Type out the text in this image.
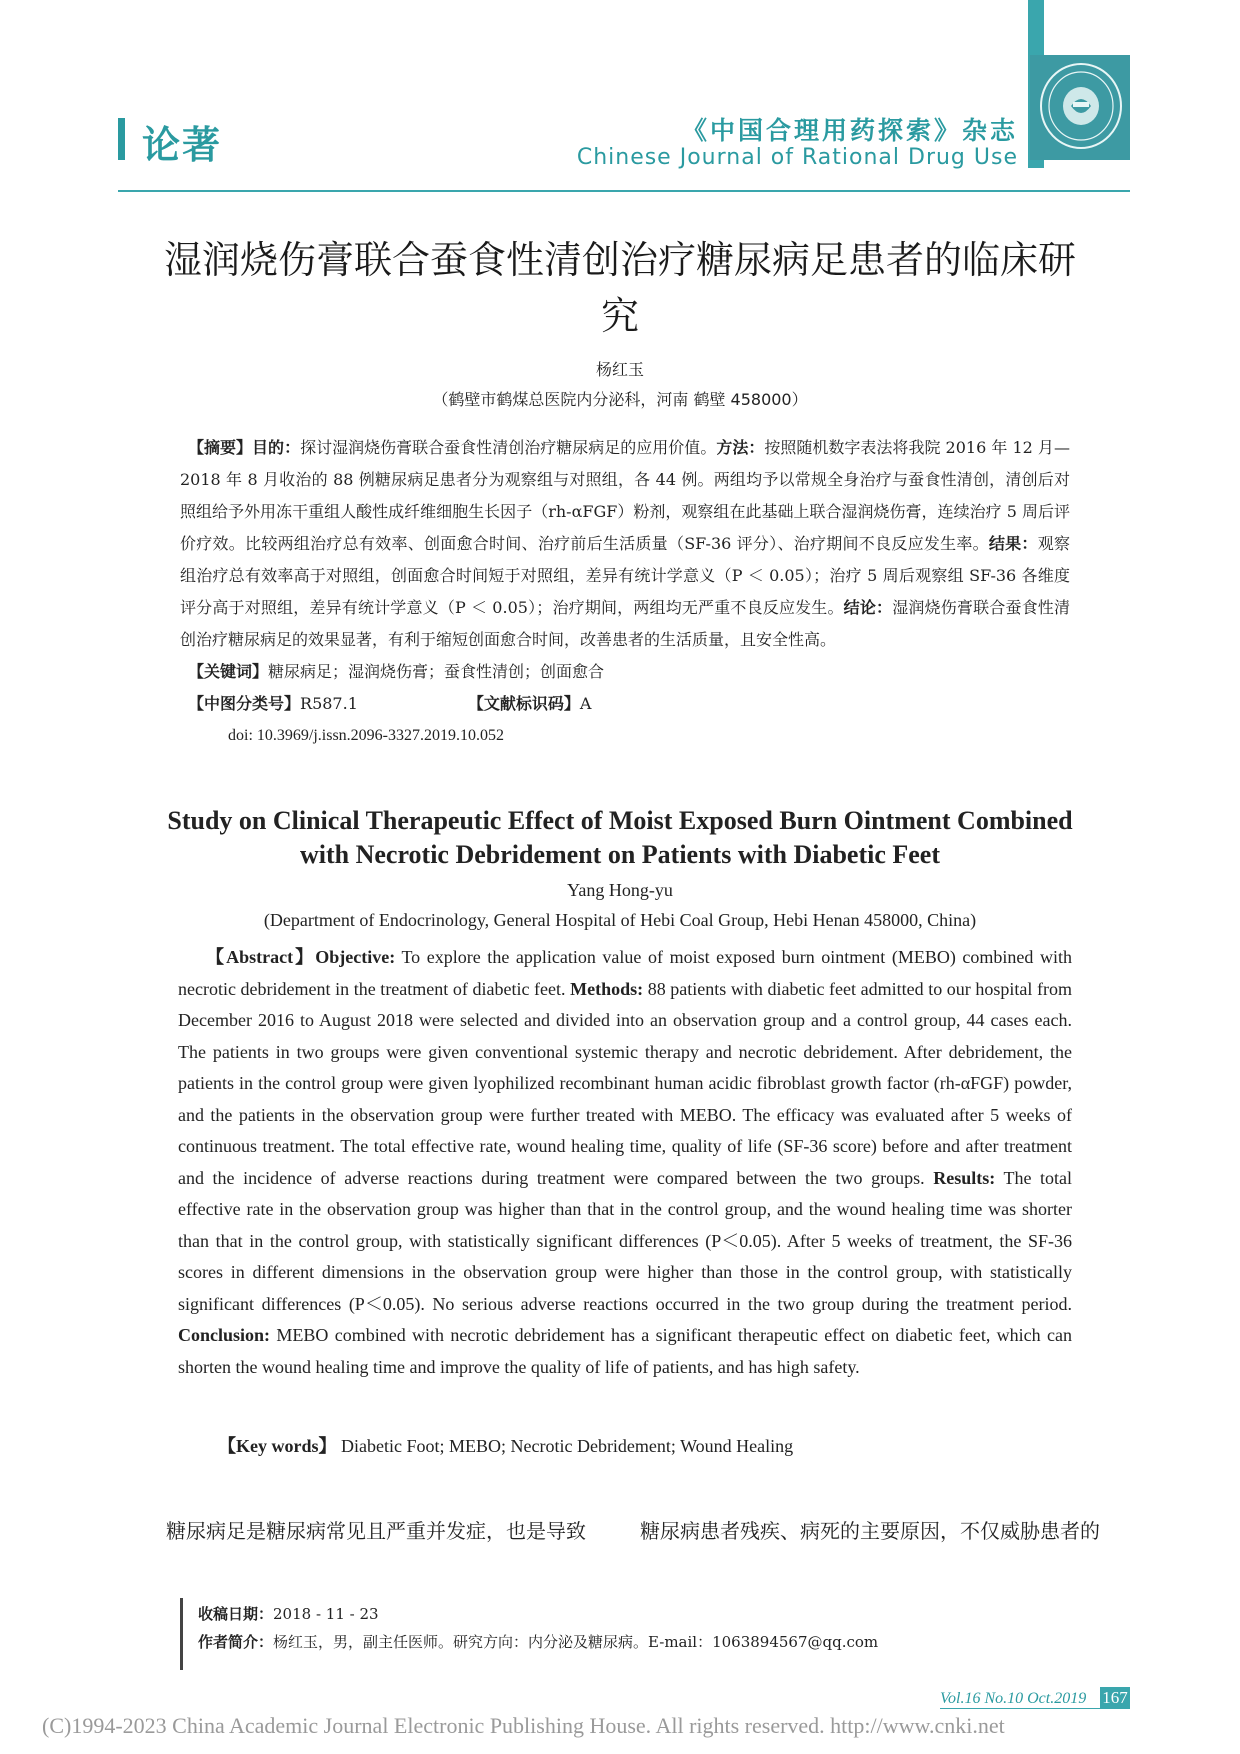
论著	《中国合理用药探索》杂志
Chinese Journal of Rational Drug Use
湿润烧伤膏联合蚕食性清创治疗糖尿病足患者的临床研究
杨红玉
（鹤壁市鹤煤总医院内分泌科，河南 鹤壁 458000）
【摘要】目的：探讨湿润烧伤膏联合蚕食性清创治疗糖尿病足的应用价值。方法：按照随机数字表法将我院 2016 年 12 月—2018 年 8 月收治的 88 例糖尿病足患者分为观察组与对照组，各 44 例。两组均予以常规全身治疗与蚕食性清创，清创后对照组给予外用冻干重组人酸性成纤维细胞生长因子（rh-αFGF）粉剂，观察组在此基础上联合湿润烧伤膏，连续治疗 5 周后评价疗效。比较两组治疗总有效率、创面愈合时间、治疗前后生活质量（SF-36 评分）、治疗期间不良反应发生率。结果：观察组治疗总有效率高于对照组，创面愈合时间短于对照组，差异有统计学意义（P ＜ 0.05）；治疗 5 周后观察组 SF-36 各维度评分高于对照组，差异有统计学意义（P ＜ 0.05）；治疗期间，两组均无严重不良反应发生。结论：湿润烧伤膏联合蚕食性清创治疗糖尿病足的效果显著，有利于缩短创面愈合时间，改善患者的生活质量，且安全性高。
【关键词】糖尿病足；湿润烧伤膏；蚕食性清创；创面愈合
【中图分类号】R587.1	【文献标识码】A
doi: 10.3969/j.issn.2096-3327.2019.10.052
Study on Clinical Therapeutic Effect of Moist Exposed Burn Ointment Combined with Necrotic Debridement on Patients with Diabetic Feet
Yang Hong-yu
(Department of Endocrinology, General Hospital of Hebi Coal Group, Hebi Henan 458000, China)
【Abstract】Objective: To explore the application value of moist exposed burn ointment (MEBO) combined with necrotic debridement in the treatment of diabetic feet. Methods: 88 patients with diabetic feet admitted to our hospital from December 2016 to August 2018 were selected and divided into an observation group and a control group, 44 cases each. The patients in two groups were given conventional systemic therapy and necrotic debridement. After debridement, the patients in the control group were given lyophilized recombinant human acidic fibroblast growth factor (rh-αFGF) powder, and the patients in the observation group were further treated with MEBO. The efficacy was evaluated after 5 weeks of continuous treatment. The total effective rate, wound healing time, quality of life (SF-36 score) before and after treatment and the incidence of adverse reactions during treatment were compared between the two groups. Results: The total effective rate in the observation group was higher than that in the control group, and the wound healing time was shorter than that in the control group, with statistically significant differences (P＜0.05). After 5 weeks of treatment, the SF-36 scores in different dimensions in the observation group were higher than those in the control group, with statistically significant differences (P＜0.05). No serious adverse reactions occurred in the two group during the treatment period. Conclusion: MEBO combined with necrotic debridement has a significant therapeutic effect on diabetic feet, which can shorten the wound healing time and improve the quality of life of patients, and has high safety.
【Key words】 Diabetic Foot; MEBO; Necrotic Debridement; Wound Healing
糖尿病足是糖尿病常见且严重并发症，也是导致	糖尿病患者残疾、病死的主要原因，不仅威胁患者的
收稿日期：2018 - 11 - 23
作者简介：杨红玉，男，副主任医师。研究方向：内分泌及糖尿病。E-mail：1063894567@qq.com
Vol.16 No.10 Oct.2019 167
(C)1994-2023 China Academic Journal Electronic Publishing House. All rights reserved. http://www.cnki.net
